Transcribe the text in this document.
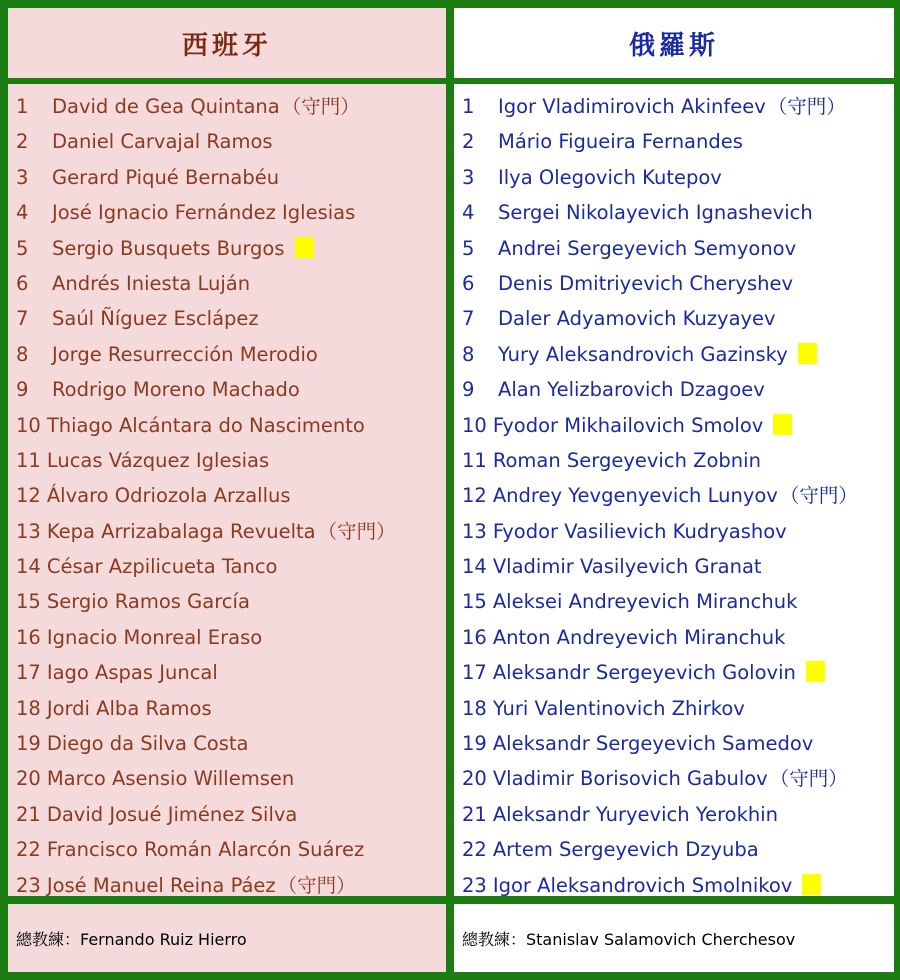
西班牙	俄羅斯
1 David de Gea Quintana （守門）
2 Daniel Carvajal Ramos
3 Gerard Piqué Bernabéu
4 José Ignacio Fernández Iglesias
5 Sergio Busquets Burgos
6 Andrés Iniesta Luján
7 Saúl Ñíguez Esclápez
8 Jorge Resurrección Merodio
9 Rodrigo Moreno Machado
10 Thiago Alcántara do Nascimento
11 Lucas Vázquez Iglesias
12 Álvaro Odriozola Arzallus
13 Kepa Arrizabalaga Revuelta （守門）
14 César Azpilicueta Tanco
15 Sergio Ramos García
16 Ignacio Monreal Eraso
17 Iago Aspas Juncal
18 Jordi Alba Ramos
19 Diego da Silva Costa
20 Marco Asensio Willemsen
21 David Josué Jiménez Silva
22 Francisco Román Alarcón Suárez
23 José Manuel Reina Páez （守門）
1 Igor Vladimirovich Akinfeev （守門）
2 Mário Figueira Fernandes
3 Ilya Olegovich Kutepov
4 Sergei Nikolayevich Ignashevich
5 Andrei Sergeyevich Semyonov
6 Denis Dmitriyevich Cheryshev
7 Daler Adyamovich Kuzyayev
8 Yury Aleksandrovich Gazinsky
9 Alan Yelizbarovich Dzagoev
10 Fyodor Mikhailovich Smolov
11 Roman Sergeyevich Zobnin
12 Andrey Yevgenyevich Lunyov （守門）
13 Fyodor Vasilievich Kudryashov
14 Vladimir Vasilyevich Granat
15 Aleksei Andreyevich Miranchuk
16 Anton Andreyevich Miranchuk
17 Aleksandr Sergeyevich Golovin
18 Yuri Valentinovich Zhirkov
19 Aleksandr Sergeyevich Samedov
20 Vladimir Borisovich Gabulov （守門）
21 Aleksandr Yuryevich Yerokhin
22 Artem Sergeyevich Dzyuba
23 Igor Aleksandrovich Smolnikov
總教練：Fernando Ruiz Hierro	總教練：Stanislav Salamovich Cherchesov
